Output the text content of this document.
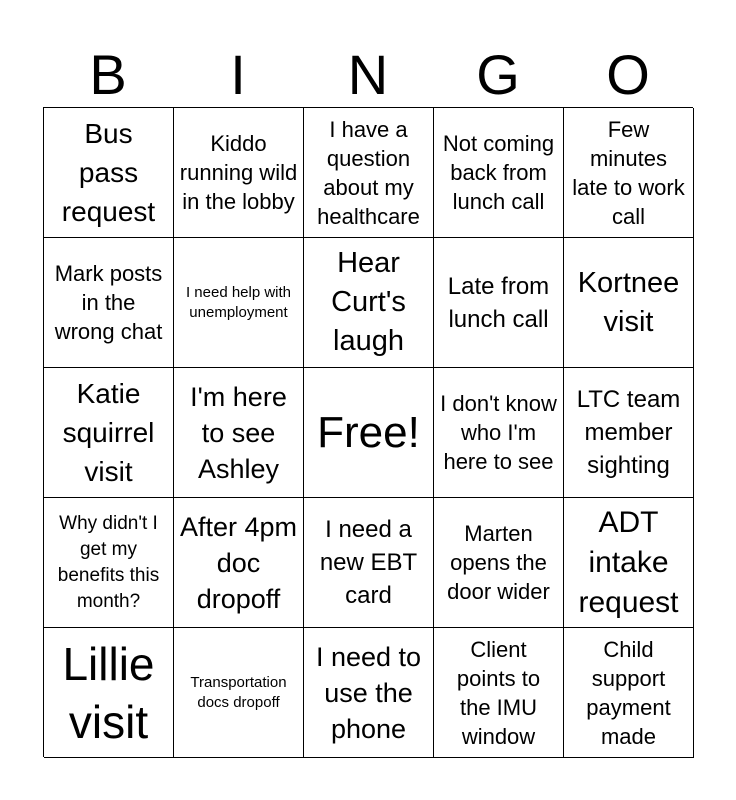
B	I	N	G	O
Bus pass request
Kiddo running wild in the lobby
I have a question about my healthcare
Not coming back from lunch call
Few minutes late to work call
Mark posts in the wrong chat
I need help with unemployment
Hear Curt's laugh
Late from lunch call
Kortnee visit
Katie squirrel visit
I'm here to see Ashley
Free!
I don't know who I'm here to see
LTC team member sighting
Why didn't I get my benefits this month?
After 4pm doc dropoff
I need a new EBT card
Marten opens the door wider
ADT intake request
Lillie visit
Transportation docs dropoff
I need to use the phone
Client points to the IMU window
Child support payment made
